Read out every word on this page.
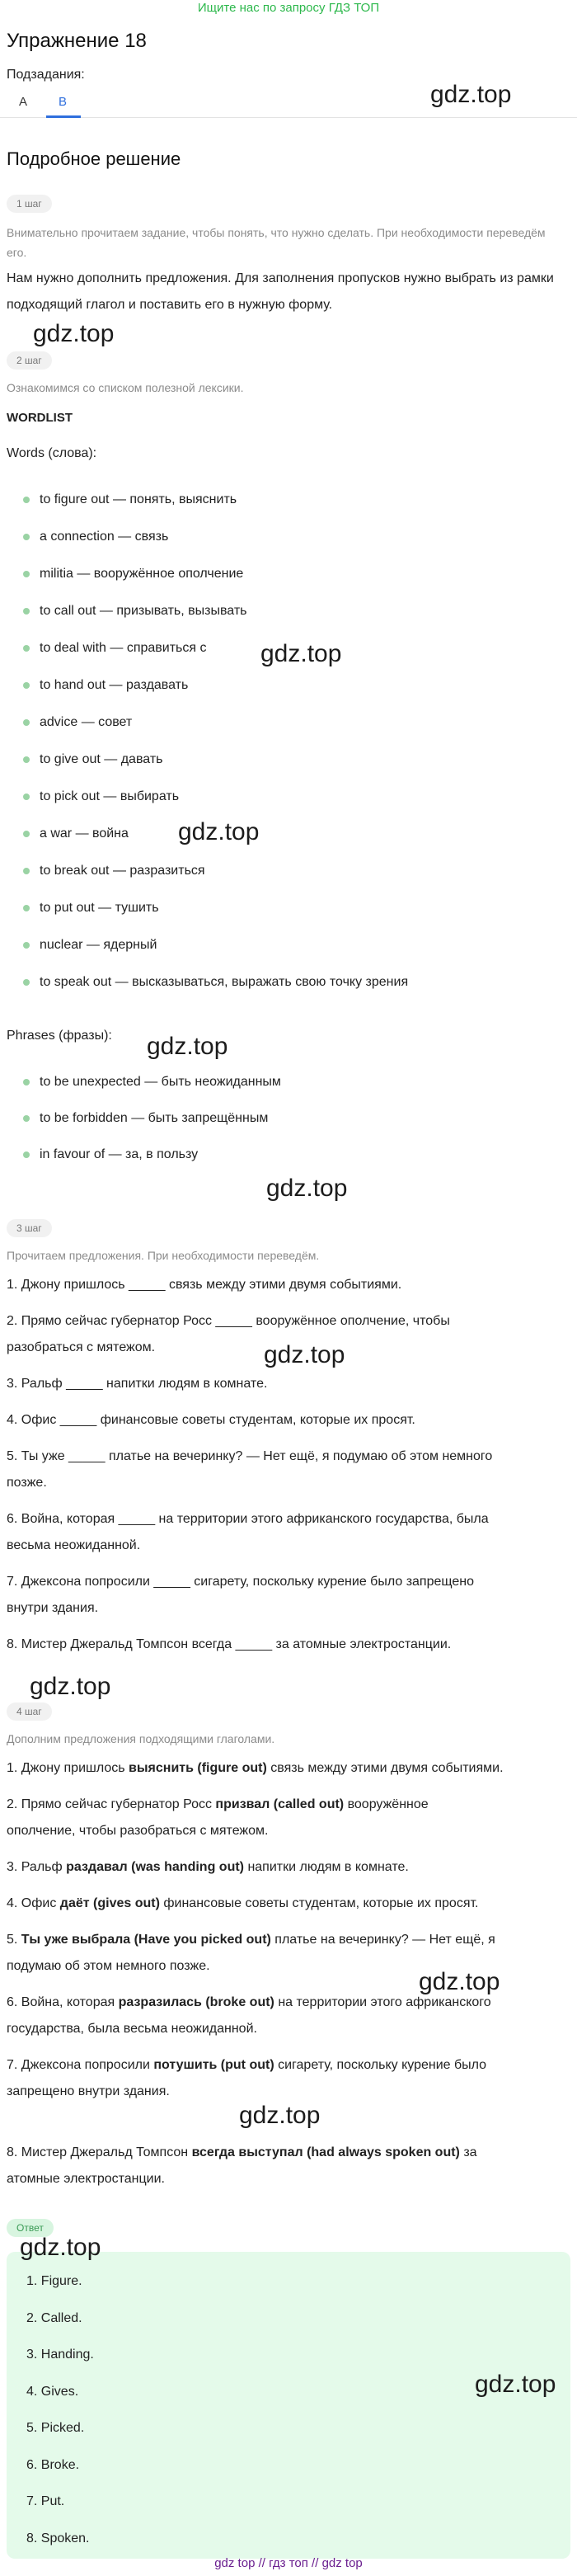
Ищите нас по запросу ГДЗ ТОП
Упражнение 18
Подзадания:
A	B	gdz.top
Подробное решение
1 шаг
Внимательно прочитаем задание, чтобы понять, что нужно сделать. При необходимости переведём его.
Нам нужно дополнить предложения. Для заполнения пропусков нужно выбрать из рамки подходящий глагол и поставить его в нужную форму.
gdz.top
2 шаг
Ознакомимся со списком полезной лексики.
WORDLIST
Words (слова):
to figure out — понять, выяснить
a connection — связь
militia — вооружённое ополчение
to call out — призывать, вызывать
to deal with — справиться с
to hand out — раздавать
advice — совет
to give out — давать
to pick out — выбирать
a war — война
to break out — разразиться
to put out — тушить
nuclear — ядерный
to speak out — высказываться, выражать свою точку зрения
gdz.top
gdz.top
Phrases (фразы):	gdz.top
to be unexpected — быть неожиданным
to be forbidden — быть запрещённым
in favour of — за, в пользу
gdz.top
3 шаг
Прочитаем предложения. При необходимости переведём.
1. Джону пришлось _____ связь между этими двумя событиями.
2. Прямо сейчас губернатор Росс _____ вооружённое ополчение, чтобы
разобраться с мятежом.	gdz.top
3. Ральф _____ напитки людям в комнате.
4. Офис _____ финансовые советы студентам, которые их просят.
5. Ты уже _____ платье на вечеринку? — Нет ещё, я подумаю об этом немного
позже.
6. Война, которая _____ на территории этого африканского государства, была
весьма неожиданной.
7. Джексона попросили _____ сигарету, поскольку курение было запрещено
внутри здания.
8. Мистер Джеральд Томпсон всегда _____ за атомные электростанции.
gdz.top
4 шаг
Дополним предложения подходящими глаголами.
1. Джону пришлось выяснить (figure out) связь между этими двумя событиями.
2. Прямо сейчас губернатор Росс призвал (called out) вооружённое
ополчение, чтобы разобраться с мятежом.
3. Ральф раздавал (was handing out) напитки людям в комнате.
4. Офис даёт (gives out) финансовые советы студентам, которые их просят.
5. Ты уже выбрала (Have you picked out) платье на вечеринку? — Нет ещё, я
подумаю об этом немного позже.
gdz.top
6. Война, которая разразилась (broke out) на территории этого африканского
государства, была весьма неожиданной.
7. Джексона попросили потушить (put out) сигарету, поскольку курение было
запрещено внутри здания.
gdz.top
8. Мистер Джеральд Томпсон всегда выступал (had always spoken out) за
атомные электростанции.
Ответ
gdz.top
gdz.top
1. Figure.
2. Called.
3. Handing.
4. Gives.
5. Picked.
6. Broke.
7. Put.
8. Spoken.
gdz top // гдз топ // gdz top
